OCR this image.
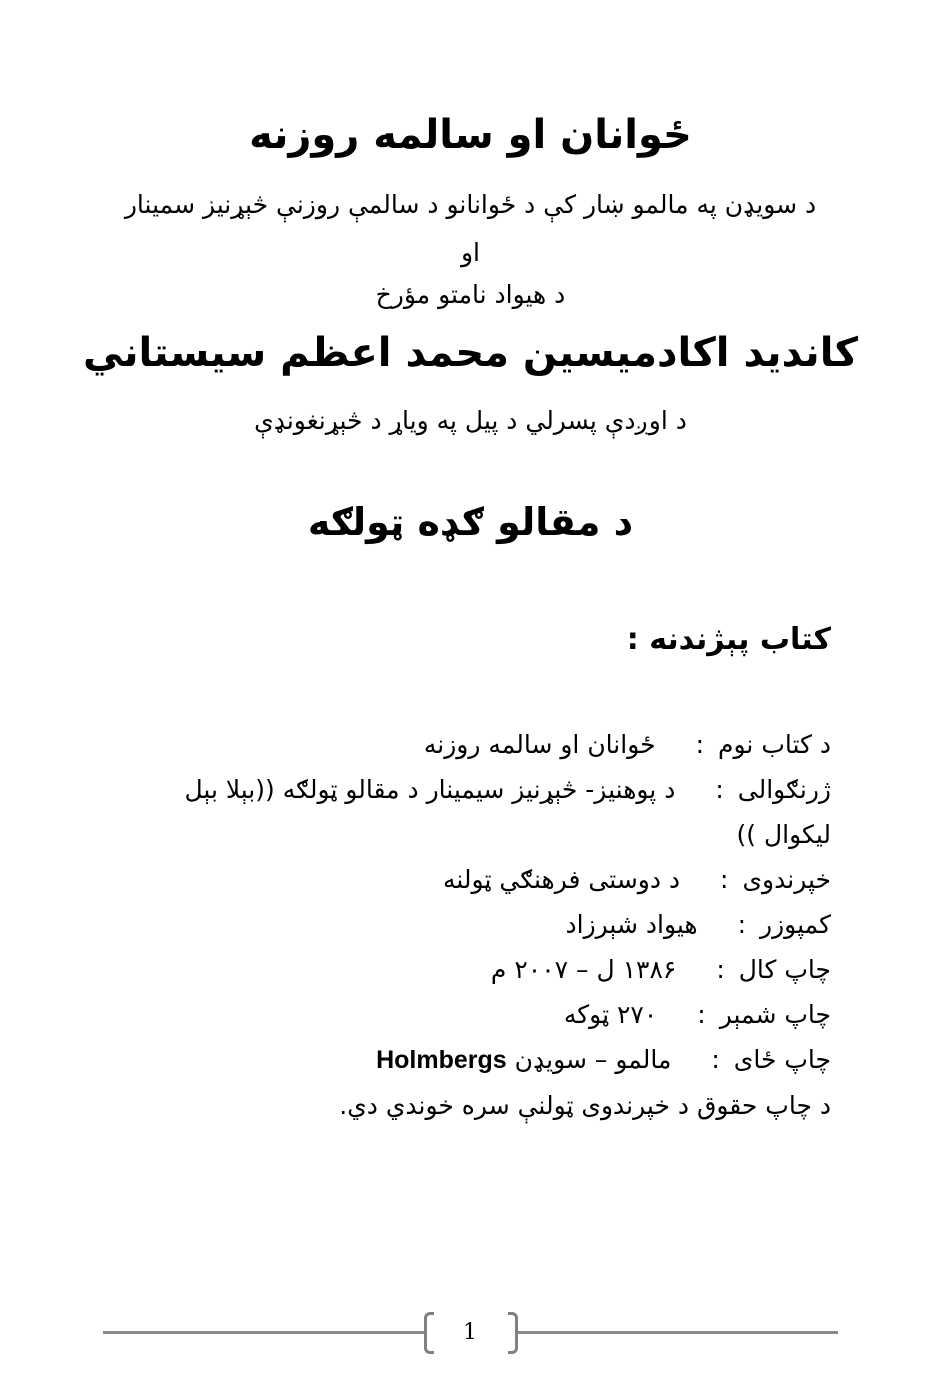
ځوانان او سالمه روزنه
د سویډن په مالمو ښار کې د ځوانانو د سالمې روزنې څېړنیز سمینار
او
د هیواد نامتو مؤرخ
کاندید اکادمیسین محمد اعظم سیستاني
د اوږدې پسرلي د پیل په ویاړ د څېړنغونډې
د مقالو ګډه ټولګه
کتاب پېژندنه :
د کتاب نوم
:
ځوانان او سالمه روزنه
ژرنګوالی
:
د پوهنیز- څېړنیز سیمینار د مقالو ټولګه ((بېلا بېل
لیکوال ))
خپرندوی
:
د دوستی فرهنګي ټولنه
کمپوزر
:
هیواد شېرزاد
چاپ کال
:
۱۳۸۶ ل – ۲۰۰۷ م
چاپ شمېر
:
۲۷۰ ټوکه
چاپ ځای
:
مالمو – سویډن Holmbergs
د چاپ حقوق د خپرندوی ټولنې سره خوندي دي.
1
